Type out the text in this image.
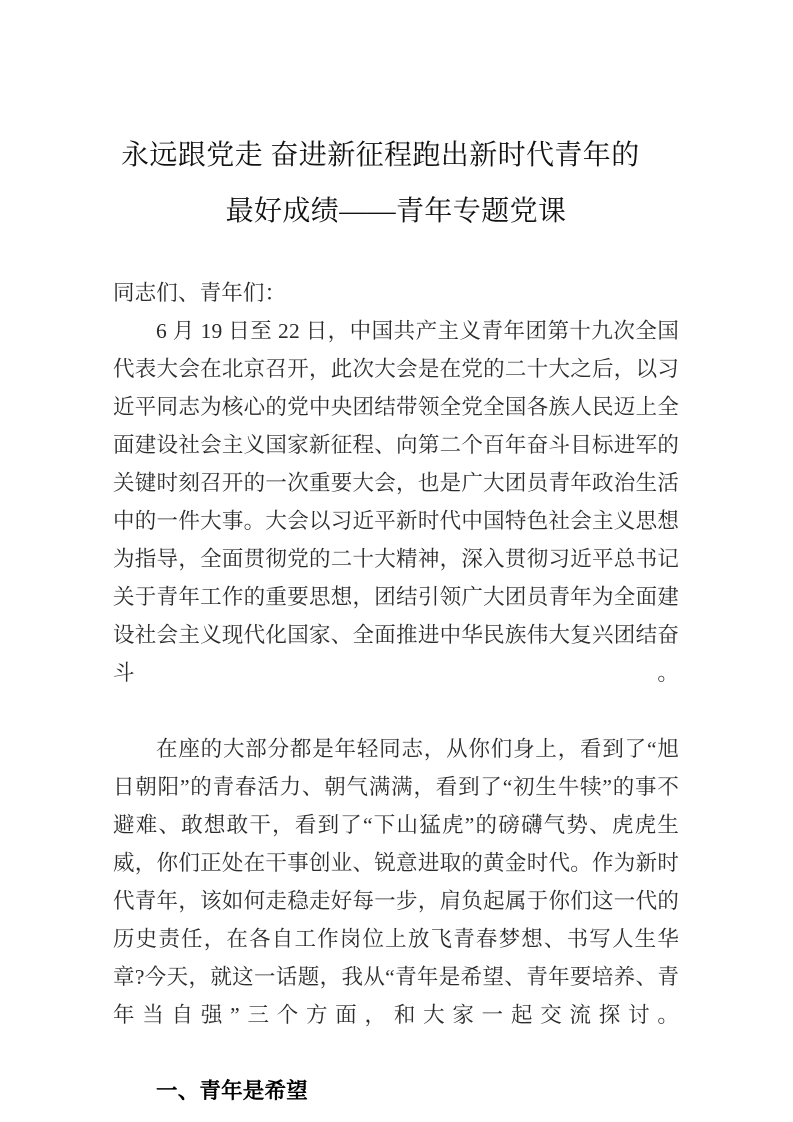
永远跟党走 奋进新征程跑出新时代青年的
最好成绩——青年专题党课

同志们、青年们：

6 月 19 日至 22 日，中国共产主义青年团第十九次全国代表大会在北京召开，此次大会是在党的二十大之后，以习近平同志为核心的党中央团结带领全党全国各族人民迈上全面建设社会主义国家新征程、向第二个百年奋斗目标进军的关键时刻召开的一次重要大会，也是广大团员青年政治生活中的一件大事。大会以习近平新时代中国特色社会主义思想为指导，全面贯彻党的二十大精神，深入贯彻习近平总书记关于青年工作的重要思想，团结引领广大团员青年为全面建设社会主义现代化国家、全面推进中华民族伟大复兴团结奋斗。

在座的大部分都是年轻同志，从你们身上，看到了“旭日朝阳”的青春活力、朝气满满，看到了“初生牛犊”的事不避难、敢想敢干，看到了“下山猛虎”的磅礴气势、虎虎生威，你们正处在干事创业、锐意进取的黄金时代。作为新时代青年，该如何走稳走好每一步，肩负起属于你们这一代的历史责任，在各自工作岗位上放飞青春梦想、书写人生华章?今天，就这一话题，我从“青年是希望、青年要培养、青年当自强”三个方面，和大家一起交流探讨。

一、青年是希望
